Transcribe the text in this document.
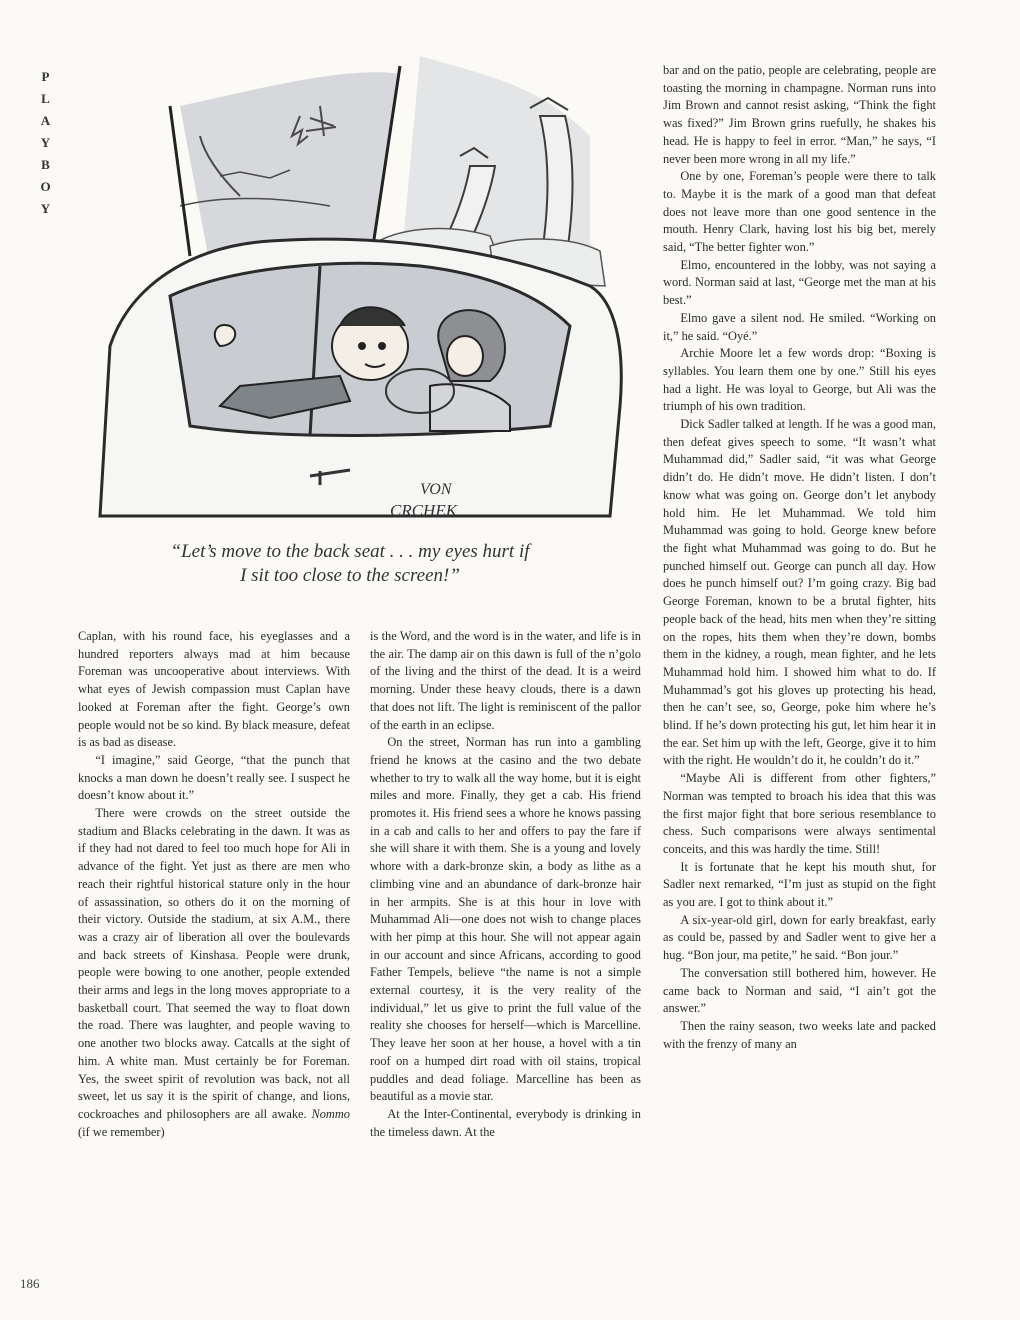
P
L
A
Y
B
O
Y
VON
CRCHEK
“Let’s move to the back seat . . . my eyes hurt if
I sit too close to the screen!”

Caplan, with his round face, his eyeglasses and a hundred reporters always mad at him because Foreman was uncooperative about interviews. With what eyes of Jewish compassion must Caplan have looked at Foreman after the fight. George’s own people would not be so kind. By black measure, defeat is as bad as disease.

“I imagine,” said George, “that the punch that knocks a man down he doesn’t really see. I suspect he doesn’t know about it.”

There were crowds on the street outside the stadium and Blacks celebrating in the dawn. It was as if they had not dared to feel too much hope for Ali in advance of the fight. Yet just as there are men who reach their rightful historical stature only in the hour of assassination, so others do it on the morning of their victory. Outside the stadium, at six A.M., there was a crazy air of liberation all over the boulevards and back streets of Kinshasa. People were drunk, people were bowing to one another, people extended their arms and legs in the long moves appropriate to a basketball court. That seemed the way to float down the road. There was laughter, and people waving to one another two blocks away. Catcalls at the sight of him. A white man. Must certainly be for Foreman. Yes, the sweet spirit of revolution was back, not all sweet, let us say it is the spirit of change, and lions, cockroaches and philosophers are all awake. Nommo (if we remember)

is the Word, and the word is in the water, and life is in the air. The damp air on this dawn is full of the n’golo of the living and the thirst of the dead. It is a weird morning. Under these heavy clouds, there is a dawn that does not lift. The light is reminiscent of the pallor of the earth in an eclipse.

On the street, Norman has run into a gambling friend he knows at the casino and the two debate whether to try to walk all the way home, but it is eight miles and more. Finally, they get a cab. His friend promotes it. His friend sees a whore he knows passing in a cab and calls to her and offers to pay the fare if she will share it with them. She is a young and lovely whore with a dark-bronze skin, a body as lithe as a climbing vine and an abundance of dark-bronze hair in her armpits. She is at this hour in love with Muhammad Ali—one does not wish to change places with her pimp at this hour. She will not appear again in our account and since Africans, according to good Father Tempels, believe “the name is not a simple external courtesy, it is the very reality of the individual,” let us give to print the full value of the reality she chooses for herself—which is Marcelline. They leave her soon at her house, a hovel with a tin roof on a humped dirt road with oil stains, tropical puddles and dead foliage. Marcelline has been as beautiful as a movie star.

At the Inter-Continental, everybody is drinking in the timeless dawn. At the

bar and on the patio, people are celebrating, people are toasting the morning in champagne. Norman runs into Jim Brown and cannot resist asking, “Think the fight was fixed?” Jim Brown grins ruefully, he shakes his head. He is happy to feel in error. “Man,” he says, “I never been more wrong in all my life.”

One by one, Foreman’s people were there to talk to. Maybe it is the mark of a good man that defeat does not leave more than one good sentence in the mouth. Henry Clark, having lost his big bet, merely said, “The better fighter won.”

Elmo, encountered in the lobby, was not saying a word. Norman said at last, “George met the man at his best.”

Elmo gave a silent nod. He smiled. “Working on it,” he said. “Oyé.”

Archie Moore let a few words drop: “Boxing is syllables. You learn them one by one.” Still his eyes had a light. He was loyal to George, but Ali was the triumph of his own tradition.

Dick Sadler talked at length. If he was a good man, then defeat gives speech to some. “It wasn’t what Muhammad did,” Sadler said, “it was what George didn’t do. He didn’t move. He didn’t listen. I don’t know what was going on. George don’t let anybody hold him. He let Muhammad. We told him Muhammad was going to hold. George knew before the fight what Muhammad was going to do. But he punched himself out. George can punch all day. How does he punch himself out? I’m going crazy. Big bad George Foreman, known to be a brutal fighter, hits people back of the head, hits men when they’re sitting on the ropes, hits them when they’re down, bombs them in the kidney, a rough, mean fighter, and he lets Muhammad hold him. I showed him what to do. If Muhammad’s got his gloves up protecting his head, then he can’t see, so, George, poke him where he’s blind. If he’s down protecting his gut, let him hear it in the ear. Set him up with the left, George, give it to him with the right. He wouldn’t do it, he couldn’t do it.”

“Maybe Ali is different from other fighters,” Norman was tempted to broach his idea that this was the first major fight that bore serious resemblance to chess. Such comparisons were always sentimental conceits, and this was hardly the time. Still!

It is fortunate that he kept his mouth shut, for Sadler next remarked, “I’m just as stupid on the fight as you are. I got to think about it.”

A six-year-old girl, down for early breakfast, early as could be, passed by and Sadler went to give her a hug. “Bon jour, ma petite,” he said. “Bon jour.”

The conversation still bothered him, however. He came back to Norman and said, “I ain’t got the answer.”

Then the rainy season, two weeks late and packed with the frenzy of many an

186
